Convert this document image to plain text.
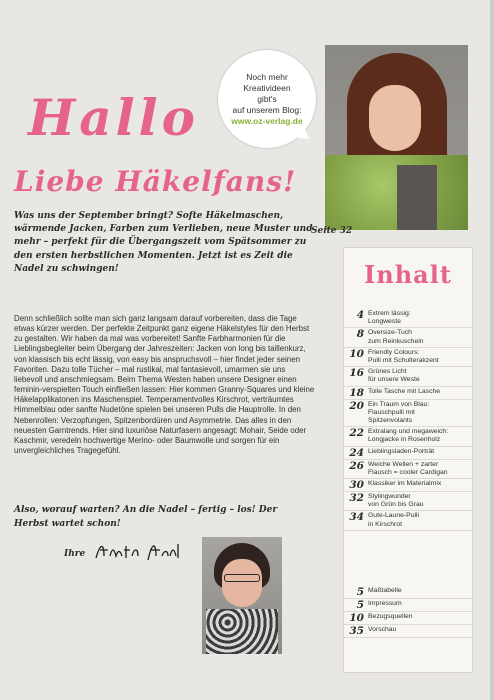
Noch mehr
Kreativideen
gibt's
auf unserem Blog:
www.oz-verlag.de
Seite 32
Hallo
Liebe Häkelfans!
Was uns der September bringt? Softe Häkelmaschen, wärmende Jacken, Farben zum Verlieben, neue Muster und mehr – perfekt für die Übergangszeit vom Spätsommer zu den ersten herbstlichen Momenten. Jetzt ist es Zeit die Nadel zu schwingen!
Denn schließlich sollte man sich ganz langsam darauf vorbereiten, dass die Tage etwas kürzer werden. Der perfekte Zeitpunkt ganz eigene Häkelstyles für den Herbst zu gestalten. Wir haben da mal was vorbereitet! Sanfte Farbharmonien für die Lieblingsbegleiter beim Übergang der Jahreszeiten: Jacken von long bis taillenkurz, von klassisch bis echt lässig, von easy bis anspruchsvoll – hier findet jeder seinen Favoriten. Dazu tolle Tücher – mal rustikal, mal fantasievoll, umarmen sie uns liebevoll und anschmiegsam. Beim Thema Westen haben unsere Designer einen feminin-verspielten Touch einfließen lassen: Hier kommen Granny-Squares und kleine Häkelapplikatonen ins Maschenspiel. Temperamentvolles Kirschrot, verträumtes Himmelblau oder sanfte Nudetöne spielen bei unseren Pulls die Hauptrolle. In den Nebenrollen: Verzopfungen, Spitzenbordüren und Asymmetrie. Das alles in den neuesten Garntrends. Hier sind luxuriöse Naturfasern angesagt: Mohair, Seide oder Kaschmir, veredeln hochwertige Merino- oder Baumwolle und sorgen für ein unvergleichliches Tragegefühl.
Also, worauf warten? An die Nadel – fertig – los! Der Herbst wartet schon!
Ihre
Inhalt
4 Extrem lässig:
Longweste
8 Oversize-Tuch
zum Reinkuscheln
10 Friendly Colours:
Pulli mit Schulterakzent
16 Grünes Licht
für unsere Weste
18 Tolle Tasche mit Lasche
20 Ein Traum von Blau:
Flauschpulli mit
Spitzenvolants
22 Extralang und megaweich:
Longjacke in Rosenholz
24 Lieblingsladen-Porträt
26 Weiche Wellen + zarter
Flausch = cooler Cardigan
30 Klassiker im Materialmix
32 Stylingwunder
von Grün bis Grau
34 Gute-Laune-Pulli
in Kirschrot
5 Maßtabelle
5 Impressum
10 Bezugsquellen
35 Vorschau
